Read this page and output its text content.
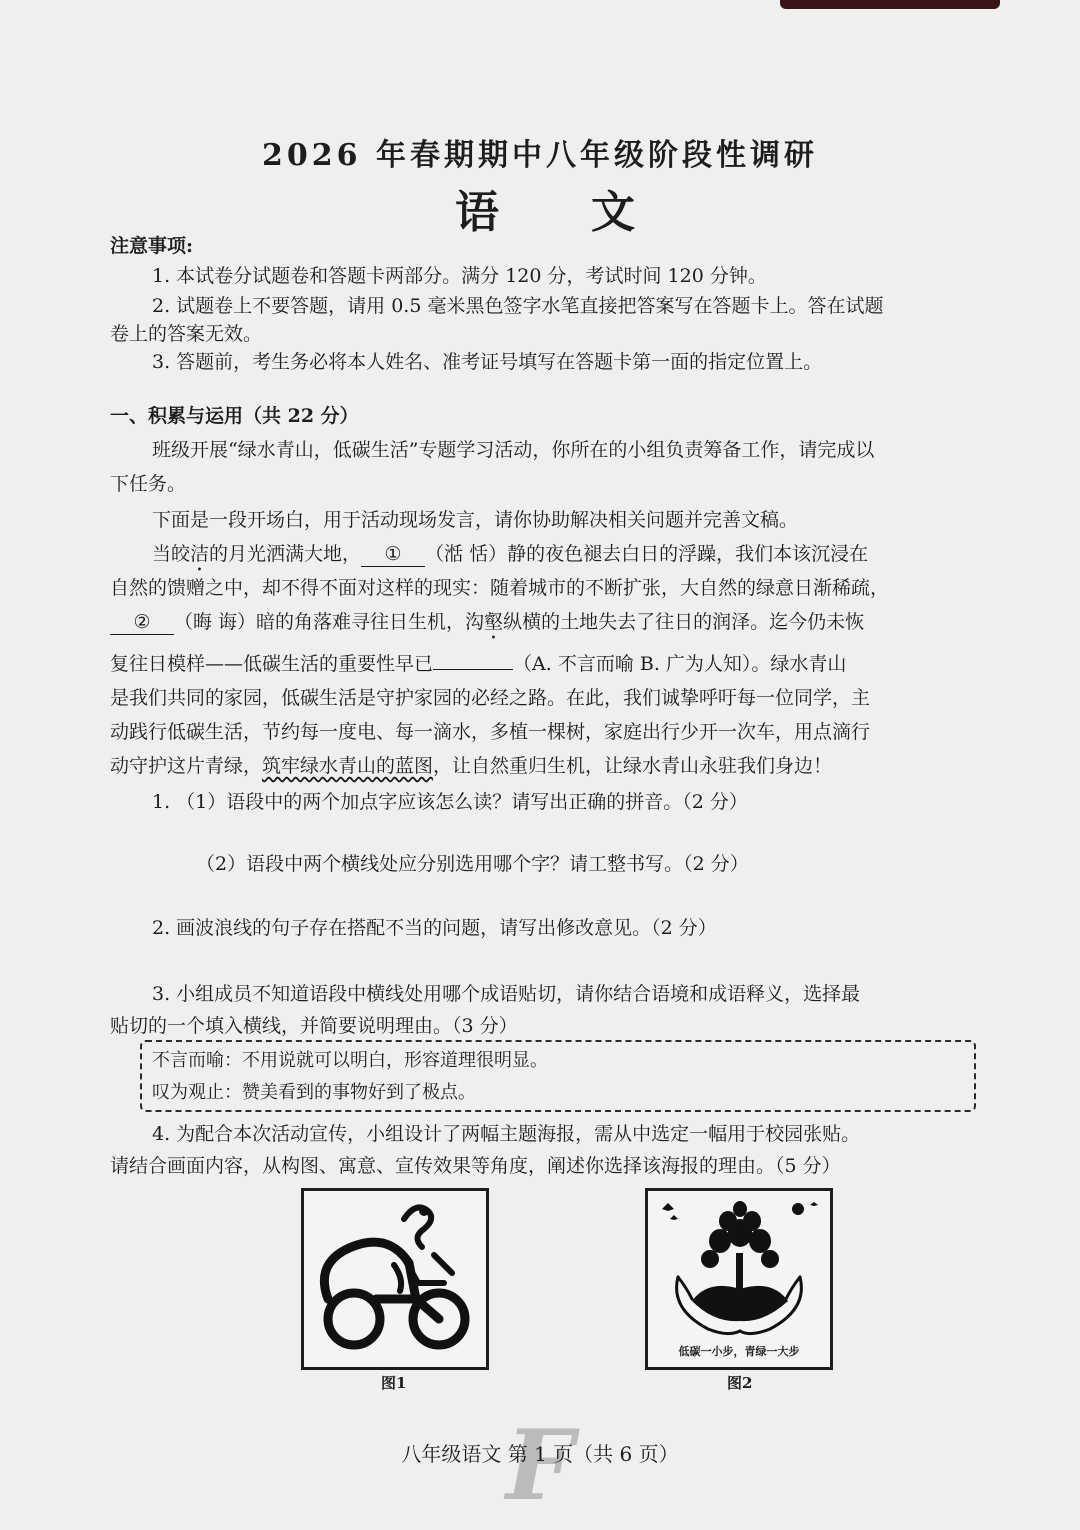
2026 年春期期中八年级阶段性调研
语 文
注意事项:
1. 本试卷分试题卷和答题卡两部分。满分 120 分，考试时间 120 分钟。
2. 试题卷上不要答题，请用 0.5 毫米黑色签字水笔直接把答案写在答题卡上。答在试题
卷上的答案无效。
3. 答题前，考生务必将本人姓名、准考证号填写在答题卡第一面的指定位置上。
一、积累与运用（共 22 分）
班级开展“绿水青山，低碳生活”专题学习活动，你所在的小组负责筹备工作，请完成以
下任务。
下面是一段开场白，用于活动现场发言，请你协助解决相关问题并完善文稿。
当皎洁的月光洒满大地， ① （湉 恬）静的夜色褪去白日的浮躁，我们本该沉浸在
自然的馈赠之中，却不得不面对这样的现实：随着城市的不断扩张，大自然的绿意日渐稀疏，
② （晦 诲）暗的角落难寻往日生机，沟壑纵横的土地失去了往日的润泽。迄今仍未恢
复往日模样——低碳生活的重要性早已	（A. 不言而喻 B. 广为人知）。绿水青山
是我们共同的家园，低碳生活是守护家园的必经之路。在此，我们诚挚呼吁每一位同学，主
动践行低碳生活，节约每一度电、每一滴水，多植一棵树，家庭出行少开一次车，用点滴行
动守护这片青绿，筑牢绿水青山的蓝图，让自然重归生机，让绿水青山永驻我们身边！
1. （1）语段中的两个加点字应该怎么读？请写出正确的拼音。（2 分）
（2）语段中两个横线处应分别选用哪个字？请工整书写。（2 分）
2. 画波浪线的句子存在搭配不当的问题，请写出修改意见。（2 分）
3. 小组成员不知道语段中横线处用哪个成语贴切，请你结合语境和成语释义，选择最
贴切的一个填入横线，并简要说明理由。（3 分）
不言而喻：不用说就可以明白，形容道理很明显。
叹为观止：赞美看到的事物好到了极点。
4. 为配合本次活动宣传，小组设计了两幅主题海报，需从中选定一幅用于校园张贴。
请结合画面内容，从构图、寓意、宣传效果等角度，阐述你选择该海报的理由。（5 分）
图1
低碳一小步，青绿一大步
图2
F
八年级语文 第 1 页（共 6 页）
